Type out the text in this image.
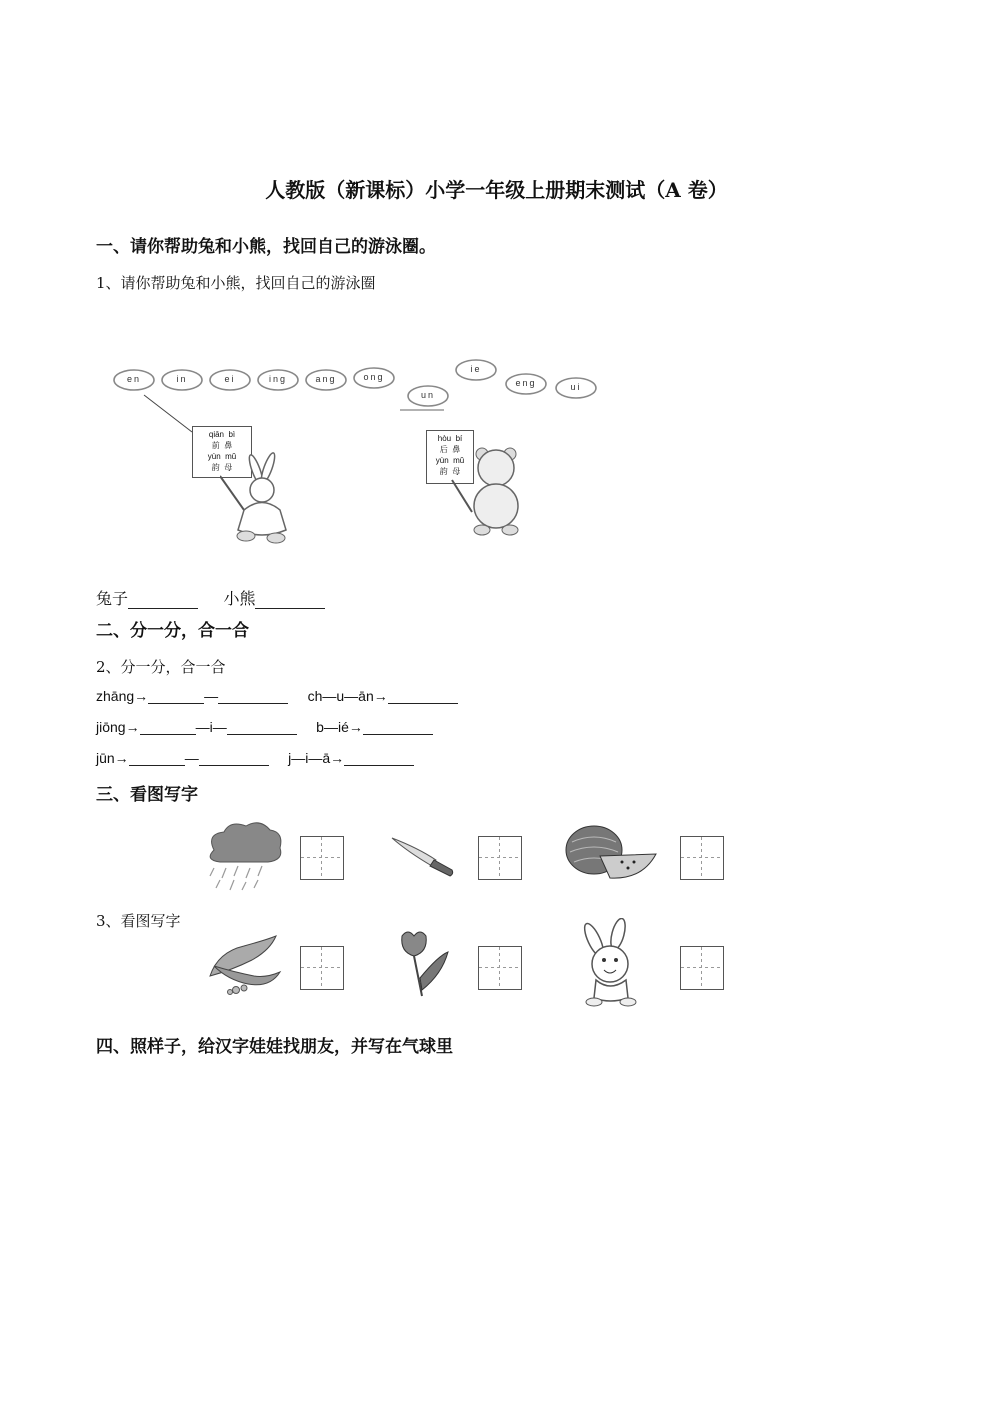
人教版（新课标）小学一年级上册期末测试（A 卷）
一、请你帮助兔和小熊，找回自己的游泳圈。
1、请你帮助兔和小熊，找回自己的游泳圈
en	in	ei	ing	ang	ong
un
ie
eng	ui
qiān bì
前 鼻
yùn mǔ
韵 母
hòu bí
后 鼻
yùn mǔ
韵 母
兔子	小熊
二、分一分，合一合
2、分一分，合一合
zhāng→	—	ch—u—ān→
jiōng→	—i—	b—ié→
jūn→	—	j—i—ā→
三、看图写字
3、看图写字
四、照样子，给汉字娃娃找朋友，并写在气球里
